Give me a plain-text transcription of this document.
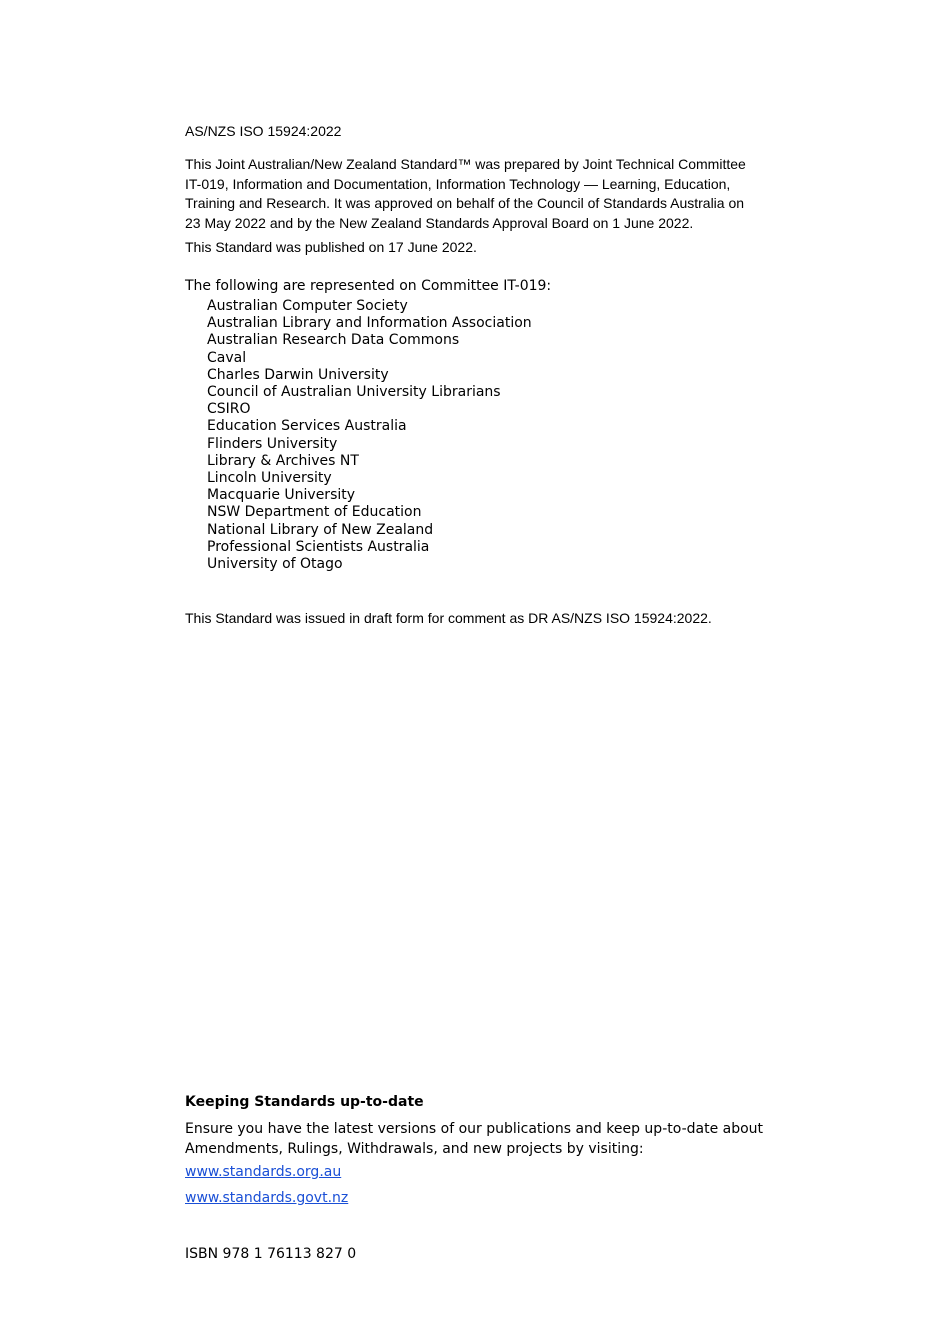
AS/NZS ISO 15924:2022
This Joint Australian/New Zealand Standard™ was prepared by Joint Technical Committee
IT-019, Information and Documentation, Information Technology — Learning, Education,
Training and Research. It was approved on behalf of the Council of Standards Australia on
23 May 2022 and by the New Zealand Standards Approval Board on 1 June 2022.
This Standard was published on 17 June 2022.
The following are represented on Committee IT-019:
Australian Computer Society
Australian Library and Information Association
Australian Research Data Commons
Caval
Charles Darwin University
Council of Australian University Librarians
CSIRO
Education Services Australia
Flinders University
Library & Archives NT
Lincoln University
Macquarie University
NSW Department of Education
National Library of New Zealand
Professional Scientists Australia
University of Otago
This Standard was issued in draft form for comment as DR AS/NZS ISO 15924:2022.
Keeping Standards up-to-date
Ensure you have the latest versions of our publications and keep up-to-date about
Amendments, Rulings, Withdrawals, and new projects by visiting:
www.standards.org.au
www.standards.govt.nz
ISBN 978 1 76113 827 0
